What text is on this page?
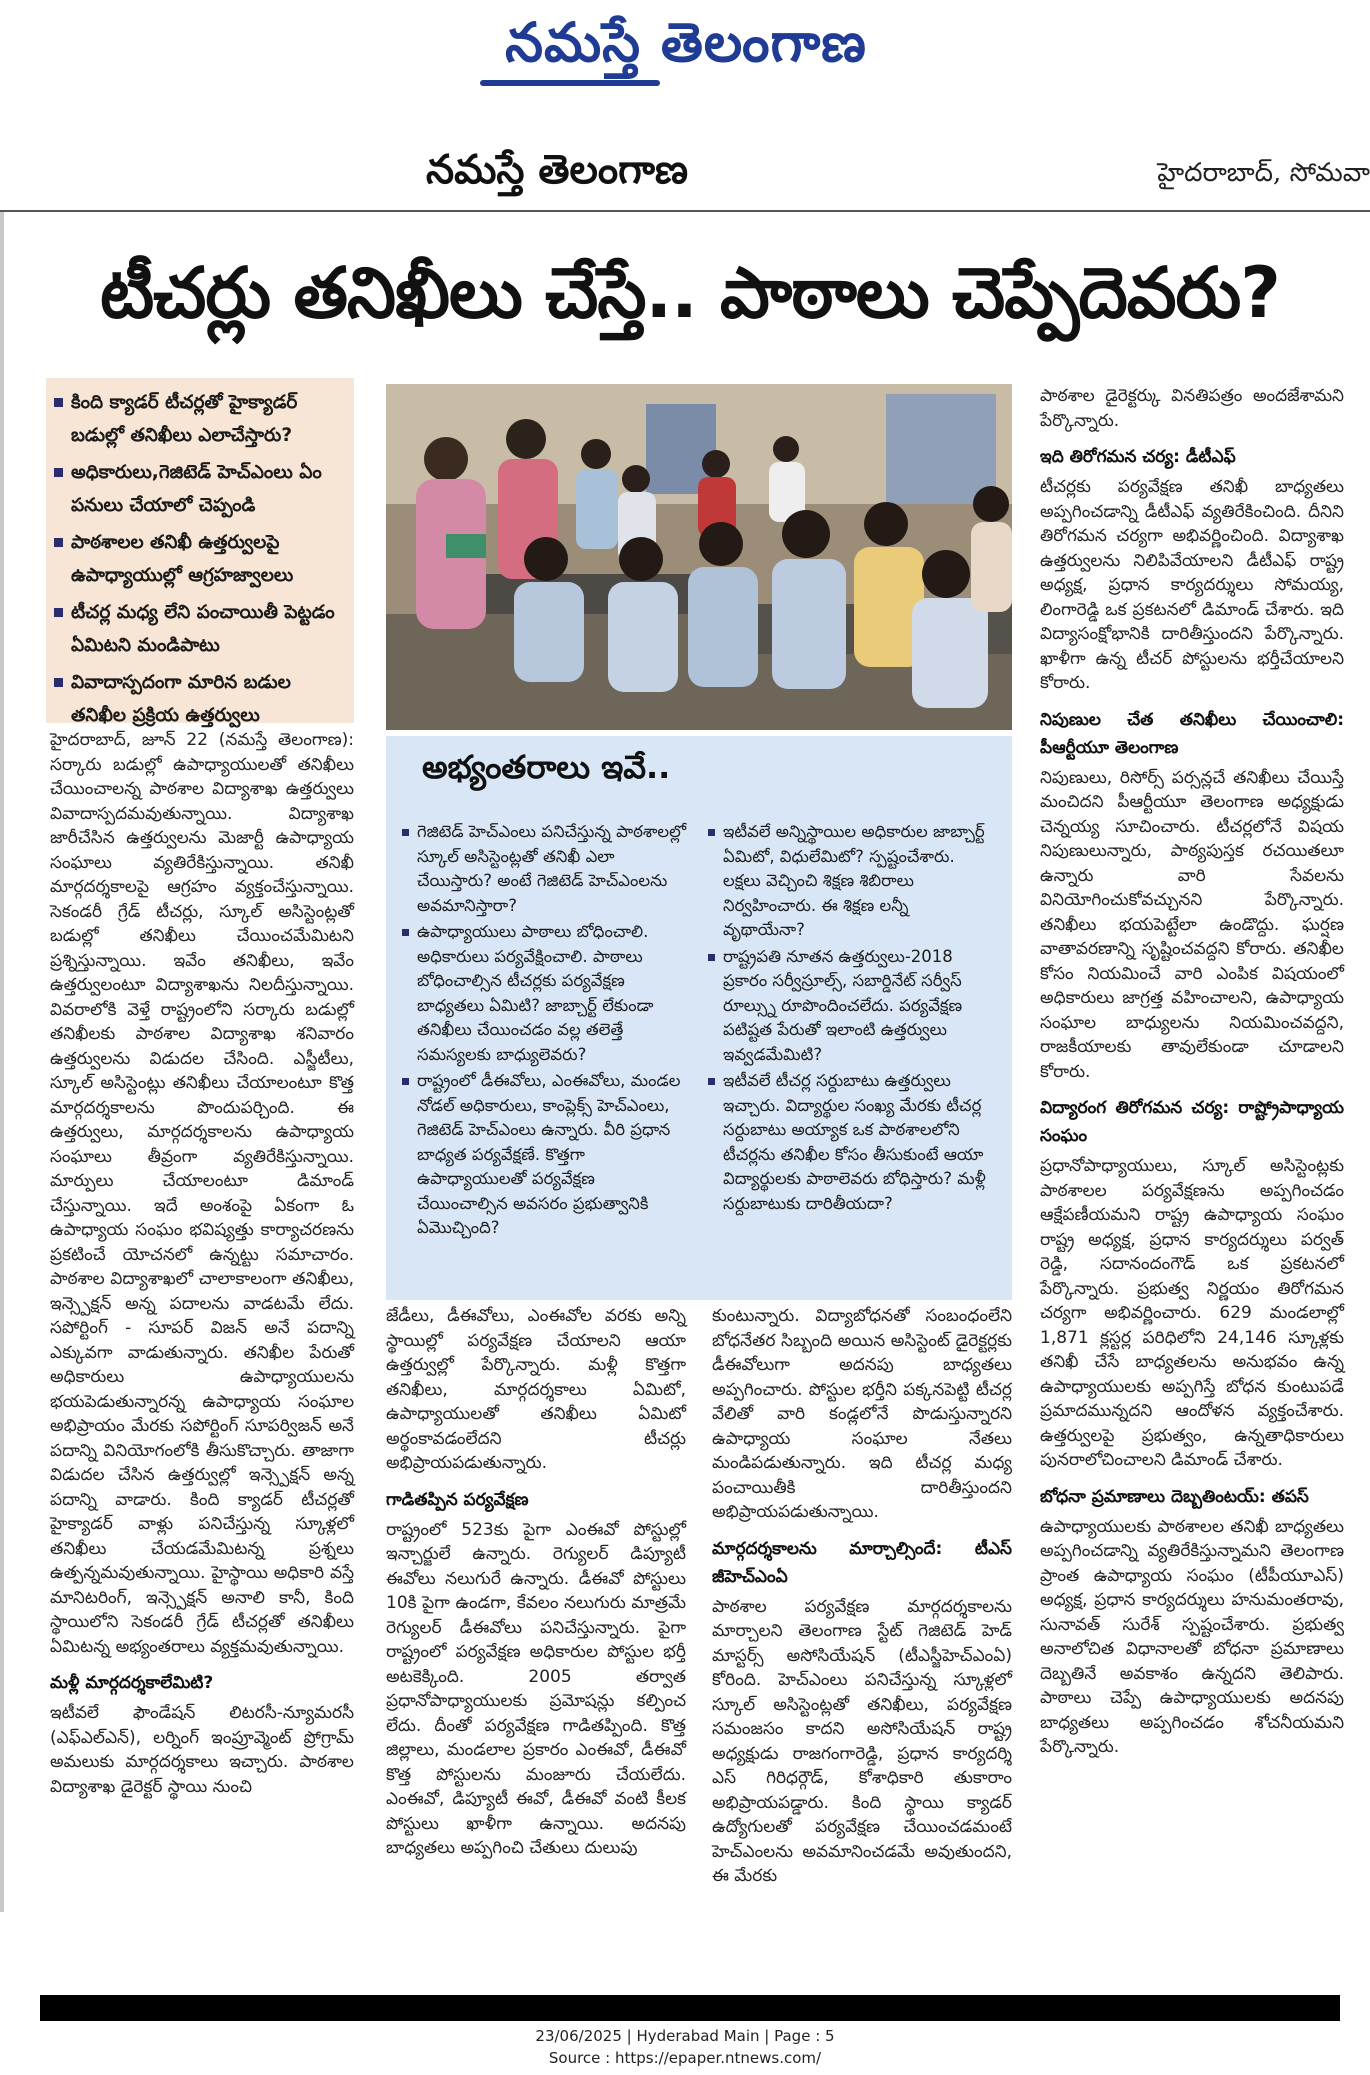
నమస్తే తెలంగాణ
నమస్తే తెలంగాణ	హైదరాబాద్, సోమవా
టీచర్లు తనిఖీలు చేస్తే.. పాఠాలు చెప్పేదెవరు?
కింది క్యాడర్ టీచర్లతో హైక్యాడర్ బడుల్లో తనిఖీలు ఎలాచేస్తారు?
అధికారులు,గెజిటెడ్ హెచ్ఎంలు ఏం పనులు చేయాలో చెప్పండి
పాఠశాలల తనిఖీ ఉత్తర్వులపై ఉపాధ్యాయుల్లో ఆగ్రహజ్వాలలు
టీచర్ల మధ్య లేని పంచాయితీ పెట్టడం ఏమిటని మండిపాటు
వివాదాస్పదంగా మారిన బడుల తనిఖీల ప్రక్రియ ఉత్తర్వులు

హైదరాబాద్, జూన్ 22 (నమస్తే తెలంగాణ): సర్కారు బడుల్లో ఉపాధ్యాయులతో తనిఖీలు చేయించాలన్న పాఠశాల విద్యాశాఖ ఉత్తర్వులు వివాదాస్పదమవుతున్నాయి. విద్యాశాఖ జారీచేసిన ఉత్తర్వులను మెజార్టీ ఉపాధ్యాయ సంఘాలు వ్యతిరేకిస్తున్నాయి. తనిఖీ మార్గదర్శకాలపై ఆగ్రహం వ్యక్తంచేస్తున్నాయి. సెకండరీ గ్రేడ్ టీచర్లు, స్కూల్ అసిస్టెంట్లతో బడుల్లో తనిఖీలు చేయించమేమిటని ప్రశ్నిస్తున్నాయి. ఇవేం తనిఖీలు, ఇవేం ఉత్తర్వులంటూ విద్యాశాఖను నిలదీస్తున్నాయి. వివరాలోకి వెళ్తే రాష్ట్రంలోని సర్కారు బడుల్లో తనిఖీలకు పాఠశాల విద్యాశాఖ శనివారం ఉత్తర్వులను విడుదల చేసింది. ఎస్జీటీలు, స్కూల్ అసిస్టెంట్లు తనిఖీలు చేయాలంటూ కొత్త మార్గదర్శకాలను పొందుపర్చింది. ఈ ఉత్తర్వులు, మార్గదర్శకాలను ఉపాధ్యాయ సంఘాలు తీవ్రంగా వ్యతిరేకిస్తున్నాయి. మార్పులు చేయాలంటూ డిమాండ్ చేస్తున్నాయి. ఇదే అంశంపై ఏకంగా ఓ ఉపాధ్యాయ సంఘం భవిష్యత్తు కార్యాచరణను ప్రకటించే యోచనలో ఉన్నట్టు సమాచారం. పాఠశాల విద్యాశాఖలో చాలాకాలంగా తనిఖీలు, ఇన్స్పెక్షన్ అన్న పదాలను వాడటమే లేదు. సపోర్టింగ్ - సూపర్ విజన్ అనే పదాన్ని ఎక్కువగా వాడుతున్నారు. తనిఖీల పేరుతో అధికారులు ఉపాధ్యాయులను భయపెడుతున్నారన్న ఉపాధ్యాయ సంఘాల అభిప్రాయం మేరకు సపోర్టింగ్ సూపర్విజన్ అనే పదాన్ని వినియోగంలోకి తీసుకొచ్చారు. తాజాగా విడుదల చేసిన ఉత్తర్వుల్లో ఇన్స్పెక్షన్ అన్న పదాన్ని వాడారు. కింది క్యాడర్ టీచర్లతో హైక్యాడర్ వాళ్లు పనిచేస్తున్న స్కూళ్లలో తనిఖీలు చేయడమేమిటన్న ప్రశ్నలు ఉత్పన్నమవుతున్నాయి. హైస్థాయి అధికారి వస్తే మానిటరింగ్, ఇన్స్పెక్షన్ అనాలి కానీ, కింది స్థాయిలోని సెకండరీ గ్రేడ్ టీచర్లతో తనిఖీలు ఏమిటన్న అభ్యంతరాలు వ్యక్తమవుతున్నాయి.

మళ్లీ మార్గదర్శకాలేమిటి?

ఇటీవలే ఫౌండేషన్ లిటరసీ-న్యూమరసీ (ఎఫ్ఎల్ఎన్), లర్నింగ్ ఇంప్రూవ్మెంట్ ప్రోగ్రామ్ అమలుకు మార్గదర్శకాలు ఇచ్చారు. పాఠశాల విద్యాశాఖ డైరెక్టర్ స్థాయి నుంచి

అభ్యంతరాలు ఇవే..
గెజిటెడ్ హెచ్ఎంలు పనిచేస్తున్న పాఠశాలల్లో స్కూల్ అసిస్టెంట్లతో తనిఖీ ఎలా చేయిస్తారు? అంటే గెజిటెడ్ హెచ్ఎంలను అవమానిస్తారా?
ఉపాధ్యాయులు పాఠాలు బోధించాలి. అధికారులు పర్యవేక్షించాలి. పాఠాలు బోధించాల్సిన టీచర్లకు పర్యవేక్షణ బాధ్యతలు ఏమిటి? జాబ్చార్ట్ లేకుండా తనిఖీలు చేయించడం వల్ల తలెత్తే సమస్యలకు బాధ్యులెవరు?
రాష్ట్రంలో డీఈవోలు, ఎంఈవోలు, మండల నోడల్ అధికారులు, కాంప్లెక్స్ హెచ్ఎంలు, గెజిటెడ్ హెచ్ఎంలు ఉన్నారు. వీరి ప్రధాన బాధ్యత పర్యవేక్షణే. కొత్తగా ఉపాధ్యాయులతో పర్యవేక్షణ చేయించాల్సిన అవసరం ప్రభుత్వానికి ఏమొచ్చింది?
ఇటీవలే అన్నిస్థాయిల అధికారుల జాబ్చార్ట్ ఏమిటో, విధులేమిటో? స్పష్టంచేశారు. లక్షలు వెచ్చించి శిక్షణ శిబిరాలు నిర్వహించారు. ఈ శిక్షణ లన్నీ వృథాయేనా?
రాష్ట్రపతి నూతన ఉత్తర్వులు-2018 ప్రకారం సర్వీస్రూల్స్, సబార్డినేట్ సర్వీస్ రూల్స్ను రూపొందించలేదు. పర్యవేక్షణ పటిష్టత పేరుతో ఇలాంటి ఉత్తర్వులు ఇవ్వడమేమిటి?
ఇటీవలే టీచర్ల సర్దుబాటు ఉత్తర్వులు ఇచ్చారు. విద్యార్థుల సంఖ్య మేరకు టీచర్ల సర్దుబాటు అయ్యాక ఒక పాఠశాలలోని టీచర్లను తనిఖీల కోసం తీసుకుంటే ఆయా విద్యార్థులకు పాఠాలెవరు బోధిస్తారు? మళ్లీ సర్దుబాటుకు దారితీయదా?

జేడీలు, డీఈవోలు, ఎంఈవోల వరకు అన్ని స్థాయిల్లో పర్యవేక్షణ చేయాలని ఆయా ఉత్తర్వుల్లో పేర్కొన్నారు. మళ్లీ కొత్తగా తనిఖీలు, మార్గదర్శకాలు ఏమిటో, ఉపాధ్యాయులతో తనిఖీలు ఏమిటో అర్థంకావడంలేదని టీచర్లు అభిప్రాయపడుతున్నారు.

గాడితప్పిన పర్యవేక్షణ

రాష్ట్రంలో 523కు పైగా ఎంఈవో పోస్టుల్లో ఇన్చార్జులే ఉన్నారు. రెగ్యులర్ డిప్యూటీ ఈవోలు నలుగురే ఉన్నారు. డీఈవో పోస్టులు 10కి పైగా ఉండగా, కేవలం నలుగురు మాత్రమే రెగ్యులర్ డీఈవోలు పనిచేస్తున్నారు. పైగా రాష్ట్రంలో పర్యవేక్షణ అధికారుల పోస్టుల భర్తీ అటకెక్కింది. 2005 తర్వాత ప్రధానోపాధ్యాయులకు ప్రమోషన్లు కల్పించ లేదు. దీంతో పర్యవేక్షణ గాడితప్పింది. కొత్త జిల్లాలు, మండలాల ప్రకారం ఎంఈవో, డీఈవో కొత్త పోస్టులను మంజూరు చేయలేదు. ఎంఈవో, డిప్యూటీ ఈవో, డీఈవో వంటి కీలక పోస్టులు ఖాళీగా ఉన్నాయి. అదనపు బాధ్యతలు అప్పగించి చేతులు దులుపు

కుంటున్నారు. విద్యాబోధనతో సంబంధంలేని బోధనేతర సిబ్బంది అయిన అసిస్టెంట్ డైరెక్టర్లకు డీఈవోలుగా అదనపు బాధ్యతలు అప్పగించారు. పోస్టుల భర్తీని పక్కనపెట్టి టీచర్ల వేలితో వారి కండ్లలోనే పొడుస్తున్నారని ఉపాధ్యాయ సంఘాల నేతలు మండిపడుతున్నారు. ఇది టీచర్ల మధ్య పంచాయితీకి దారితీస్తుందని అభిప్రాయపడుతున్నాయి.

మార్గదర్శకాలను మార్చాల్సిందే: టీఎస్ జీహెచ్ఎంఏ

పాఠశాల పర్యవేక్షణ మార్గదర్శకాలను మార్చాలని తెలంగాణ స్టేట్ గెజిటెడ్ హెడ్ మాస్టర్స్ అసోసియేషన్ (టీఎస్జీహెచ్ఎంఏ) కోరింది. హెచ్ఎంలు పనిచేస్తున్న స్కూళ్లలో స్కూల్ అసిస్టెంట్లతో తనిఖీలు, పర్యవేక్షణ సమంజసం కాదని అసోసియేషన్ రాష్ట్ర అధ్యక్షుడు రాజగంగారెడ్డి, ప్రధాన కార్యదర్శి ఎస్ గిరిధర్గౌడ్, కోశాధికారి తుకారాం అభిప్రాయపడ్డారు. కింది స్థాయి క్యాడర్ ఉద్యోగులతో పర్యవేక్షణ చేయించడమంటే హెచ్ఎంలను అవమానించడమే అవుతుందని, ఈ మేరకు

పాఠశాల డైరెక్టర్కు వినతిపత్రం అందజేశామని పేర్కొన్నారు.

ఇది తిరోగమన చర్య: డీటీఎఫ్

టీచర్లకు పర్యవేక్షణ తనిఖీ బాధ్యతలు అప్పగించడాన్ని డీటీఎఫ్ వ్యతిరేకించింది. దీనిని తిరోగమన చర్యగా అభివర్ణించింది. విద్యాశాఖ ఉత్తర్వులను నిలిపివేయాలని డీటీఎఫ్ రాష్ట్ర అధ్యక్ష, ప్రధాన కార్యదర్శులు సోమయ్య, లింగారెడ్డి ఒక ప్రకటనలో డిమాండ్ చేశారు. ఇది విద్యాసంక్షోభానికి దారితీస్తుందని పేర్కొన్నారు. ఖాళీగా ఉన్న టీచర్ పోస్టులను భర్తీచేయాలని కోరారు.

నిపుణుల చేత తనిఖీలు చేయించాలి: పీఆర్టీయూ తెలంగాణ

నిపుణులు, రిసోర్స్ పర్సన్లచే తనిఖీలు చేయిస్తే మంచిదని పీఆర్టీయూ తెలంగాణ అధ్యక్షుడు చెన్నయ్య సూచించారు. టీచర్లలోనే విషయ నిపుణులున్నారు, పాఠ్యపుస్తక రచయితలూ ఉన్నారు వారి సేవలను వినియోగించుకోవచ్చునని పేర్కొన్నారు. తనిఖీలు భయపెట్టేలా ఉండొద్దు. ఘర్షణ వాతావరణాన్ని సృష్టించవద్దని కోరారు. తనిఖీల కోసం నియమించే వారి ఎంపిక విషయంలో అధికారులు జాగ్రత్త వహించాలని, ఉపాధ్యాయ సంఘాల బాధ్యులను నియమించవద్దని, రాజకీయాలకు తావులేకుండా చూడాలని కోరారు.

విద్యారంగ తిరోగమన చర్య: రాష్ట్రోపాధ్యాయ సంఘం

ప్రధానోపాధ్యాయులు, స్కూల్ అసిస్టెంట్లకు పాఠశాలల పర్యవేక్షణను అప్పగించడం ఆక్షేపణీయమని రాష్ట్ర ఉపాధ్యాయ సంఘం రాష్ట్ర అధ్యక్ష, ప్రధాన కార్యదర్శులు పర్వత్ రెడ్డి, సదానందంగౌడ్ ఒక ప్రకటనలో పేర్కొన్నారు. ప్రభుత్వ నిర్ణయం తిరోగమన చర్యగా అభివర్ణించారు. 629 మండలాల్లో 1,871 క్లస్టర్ల పరిధిలోని 24,146 స్కూళ్లకు తనిఖీ చేసే బాధ్యతలను అనుభవం ఉన్న ఉపాధ్యాయులకు అప్పగిస్తే బోధన కుంటుపడే ప్రమాదమున్నదని ఆందోళన వ్యక్తంచేశారు. ఉత్తర్వులపై ప్రభుత్వం, ఉన్నతాధికారులు పునరాలోచించాలని డిమాండ్ చేశారు.

బోధనా ప్రమాణాలు దెబ్బతింటయ్: తపస్

ఉపాధ్యాయులకు పాఠశాలల తనిఖీ బాధ్యతలు అప్పగించడాన్ని వ్యతిరేకిస్తున్నామని తెలంగాణ ప్రాంత ఉపాధ్యాయ సంఘం (టీపీయూఎస్) అధ్యక్ష, ప్రధాన కార్యదర్శులు హనుమంతరావు, సునావత్ సురేశ్ స్పష్టంచేశారు. ప్రభుత్వ అనాలోచిత విధానాలతో బోధనా ప్రమాణాలు దెబ్బతినే అవకాశం ఉన్నదని తెలిపారు. పాఠాలు చెప్పే ఉపాధ్యాయులకు అదనపు బాధ్యతలు అప్పగించడం శోచనీయమని పేర్కొన్నారు.

23/06/2025 | Hyderabad Main | Page : 5
Source : https://epaper.ntnews.com/
